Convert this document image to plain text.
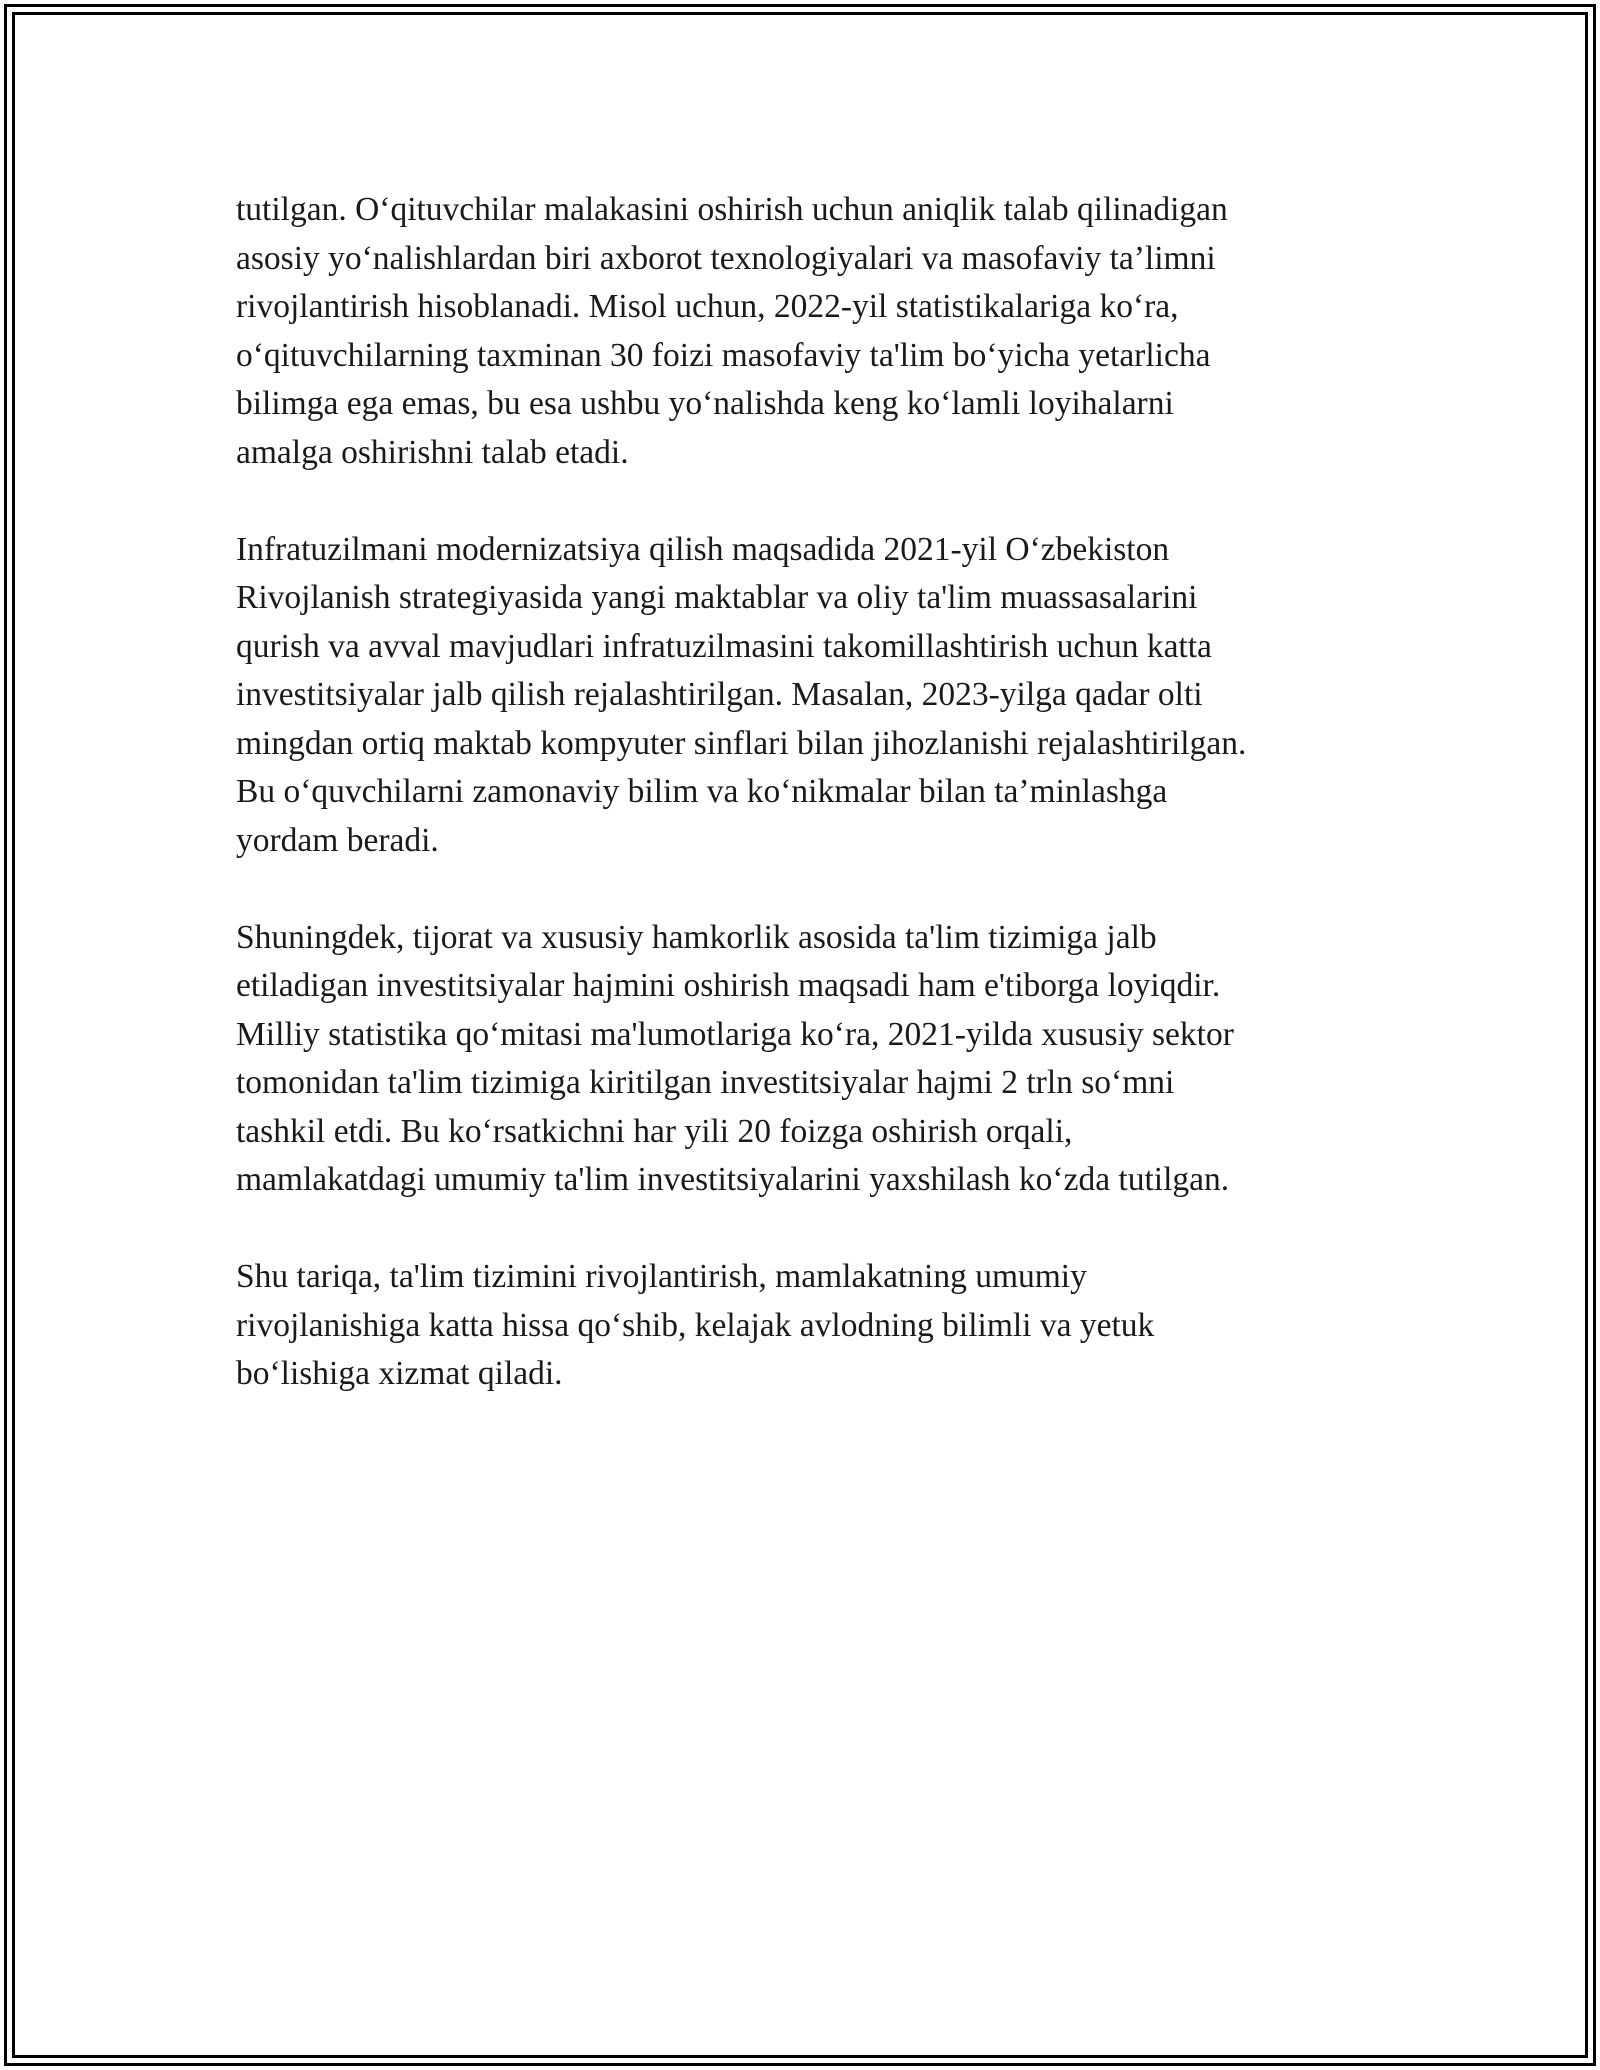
tutilgan. O‘qituvchilar malakasini oshirish uchun aniqlik talab qilinadigan
asosiy yo‘nalishlardan biri axborot texnologiyalari va masofaviy ta’limni
rivojlantirish hisoblanadi. Misol uchun, 2022-yil statistikalariga ko‘ra,
o‘qituvchilarning taxminan 30 foizi masofaviy ta'lim bo‘yicha yetarlicha
bilimga ega emas, bu esa ushbu yo‘nalishda keng ko‘lamli loyihalarni
amalga oshirishni talab etadi.

Infratuzilmani modernizatsiya qilish maqsadida 2021-yil O‘zbekiston
Rivojlanish strategiyasida yangi maktablar va oliy ta'lim muassasalarini
qurish va avval mavjudlari infratuzilmasini takomillashtirish uchun katta
investitsiyalar jalb qilish rejalashtirilgan. Masalan, 2023-yilga qadar olti
mingdan ortiq maktab kompyuter sinflari bilan jihozlanishi rejalashtirilgan.
Bu o‘quvchilarni zamonaviy bilim va ko‘nikmalar bilan ta’minlashga
yordam beradi.

Shuningdek, tijorat va xususiy hamkorlik asosida ta'lim tizimiga jalb
etiladigan investitsiyalar hajmini oshirish maqsadi ham e'tiborga loyiqdir.
Milliy statistika qo‘mitasi ma'lumotlariga ko‘ra, 2021-yilda xususiy sektor
tomonidan ta'lim tizimiga kiritilgan investitsiyalar hajmi 2 trln so‘mni
tashkil etdi. Bu ko‘rsatkichni har yili 20 foizga oshirish orqali,
mamlakatdagi umumiy ta'lim investitsiyalarini yaxshilash ko‘zda tutilgan.

Shu tariqa, ta'lim tizimini rivojlantirish, mamlakatning umumiy
rivojlanishiga katta hissa qo‘shib, kelajak avlodning bilimli va yetuk
bo‘lishiga xizmat qiladi.
